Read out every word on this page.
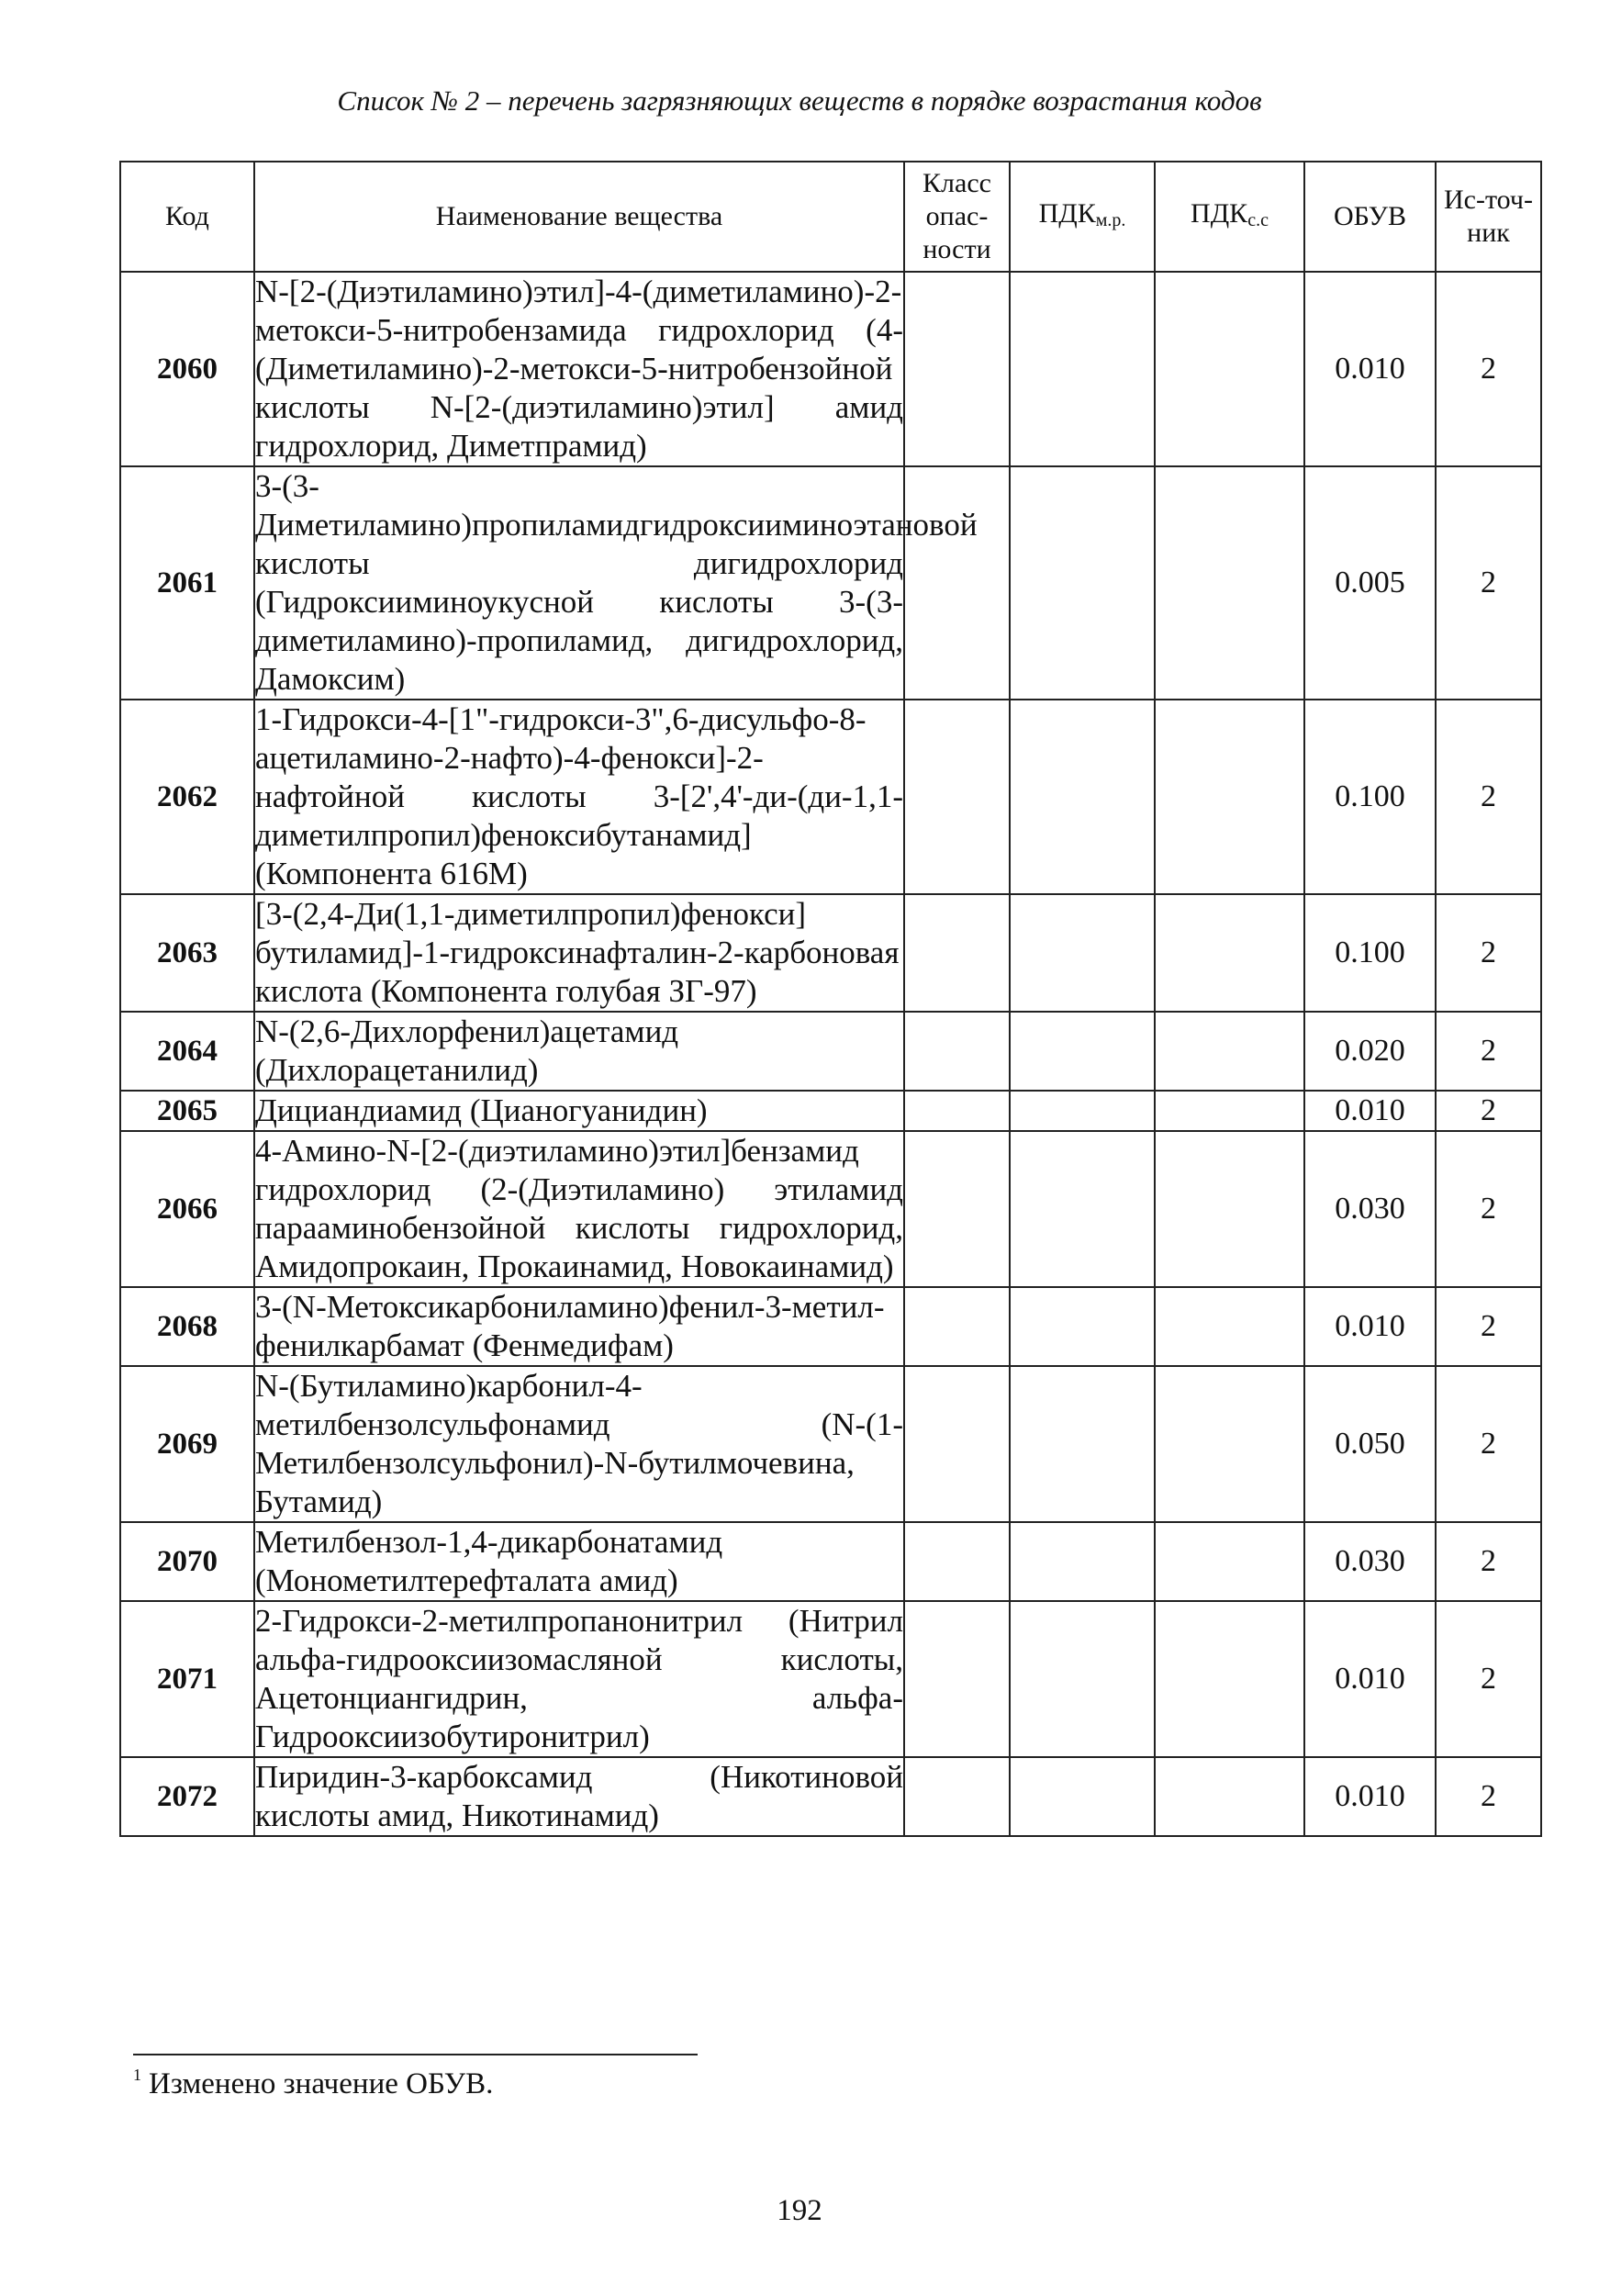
Список № 2 – перечень загрязняющих веществ в порядке возрастания кодов
Код	Наименование вещества	Класс опас-ности	$ПДК_{м.р.}$	$ПДК_{с.с}$	ОБУВ	Ис-точ-ник
2060	N-[2-(Диэтиламино)этил]-4-(диметиламино)-2-метокси-5-нитробензамида гидрохлорид (4-(Диметиламино)-2-метокси-5-нитробензойной кислоты N-[2-(диэтиламино)этил] амид гидрохлорид, Диметпрамид)				0.010	2
2061	3-(3-Диметиламино)пропиламидгидроксииминоэтановой кислоты дигидрохлорид (Гидроксииминоукусной кислоты 3-(3-диметиламино)-пропиламид, дигидрохлорид, Дамоксим)				0.005	2
2062	1-Гидрокси-4-[1"-гидрокси-3",6-дисульфо-8-ацетиламино-2-нафто)-4-фенокси]-2-нафтойной кислоты 3-[2',4'-ди-(ди-1,1-диметилпропил)феноксибутанамид] (Компонента 616М)				0.100	2
2063	[3-(2,4-Ди(1,1-диметилпропил)фенокси] бутиламид]-1-гидроксинафталин-2-карбоновая кислота (Компонента голубая ЗГ-97)				0.100	2
2064	N-(2,6-Дихлорфенил)ацетамид (Дихлорацетанилид)				0.020	2
2065	Дициандиамид (Цианогуанидин)				0.010	2
2066	4-Амино-N-[2-(диэтиламино)этил]бензамид гидрохлорид (2-(Диэтиламино) этиламид парааминобензойной кислоты гидрохлорид, Амидопрокаин, Прокаинамид, Новокаинамид)				0.030	2
2068	3-(N-Метоксикарбониламино)фенил-3-метил-фенилкарбамат (Фенмедифам)				0.010	2
2069	N-(Бутиламино)карбонил-4-метилбензолсульфонамид (N-(1-Метилбензолсульфонил)-N-бутилмочевина, Бутамид)				0.050	2
2070	Метилбензол-1,4-дикарбонатамид (Монометилтерефталата амид)				0.030	2
2071	2-Гидрокси-2-метилпропанонитрил (Нитрил альфа-гидрооксиизомасляной кислоты, Ацетонциангидрин, альфа-Гидрооксиизобутиронитрил)				0.010	2
2072	Пиридин-3-карбоксамид (Никотиновой кислоты амид, Никотинамид)				0.010	2
$^1$ Изменено значение ОБУВ.
192
